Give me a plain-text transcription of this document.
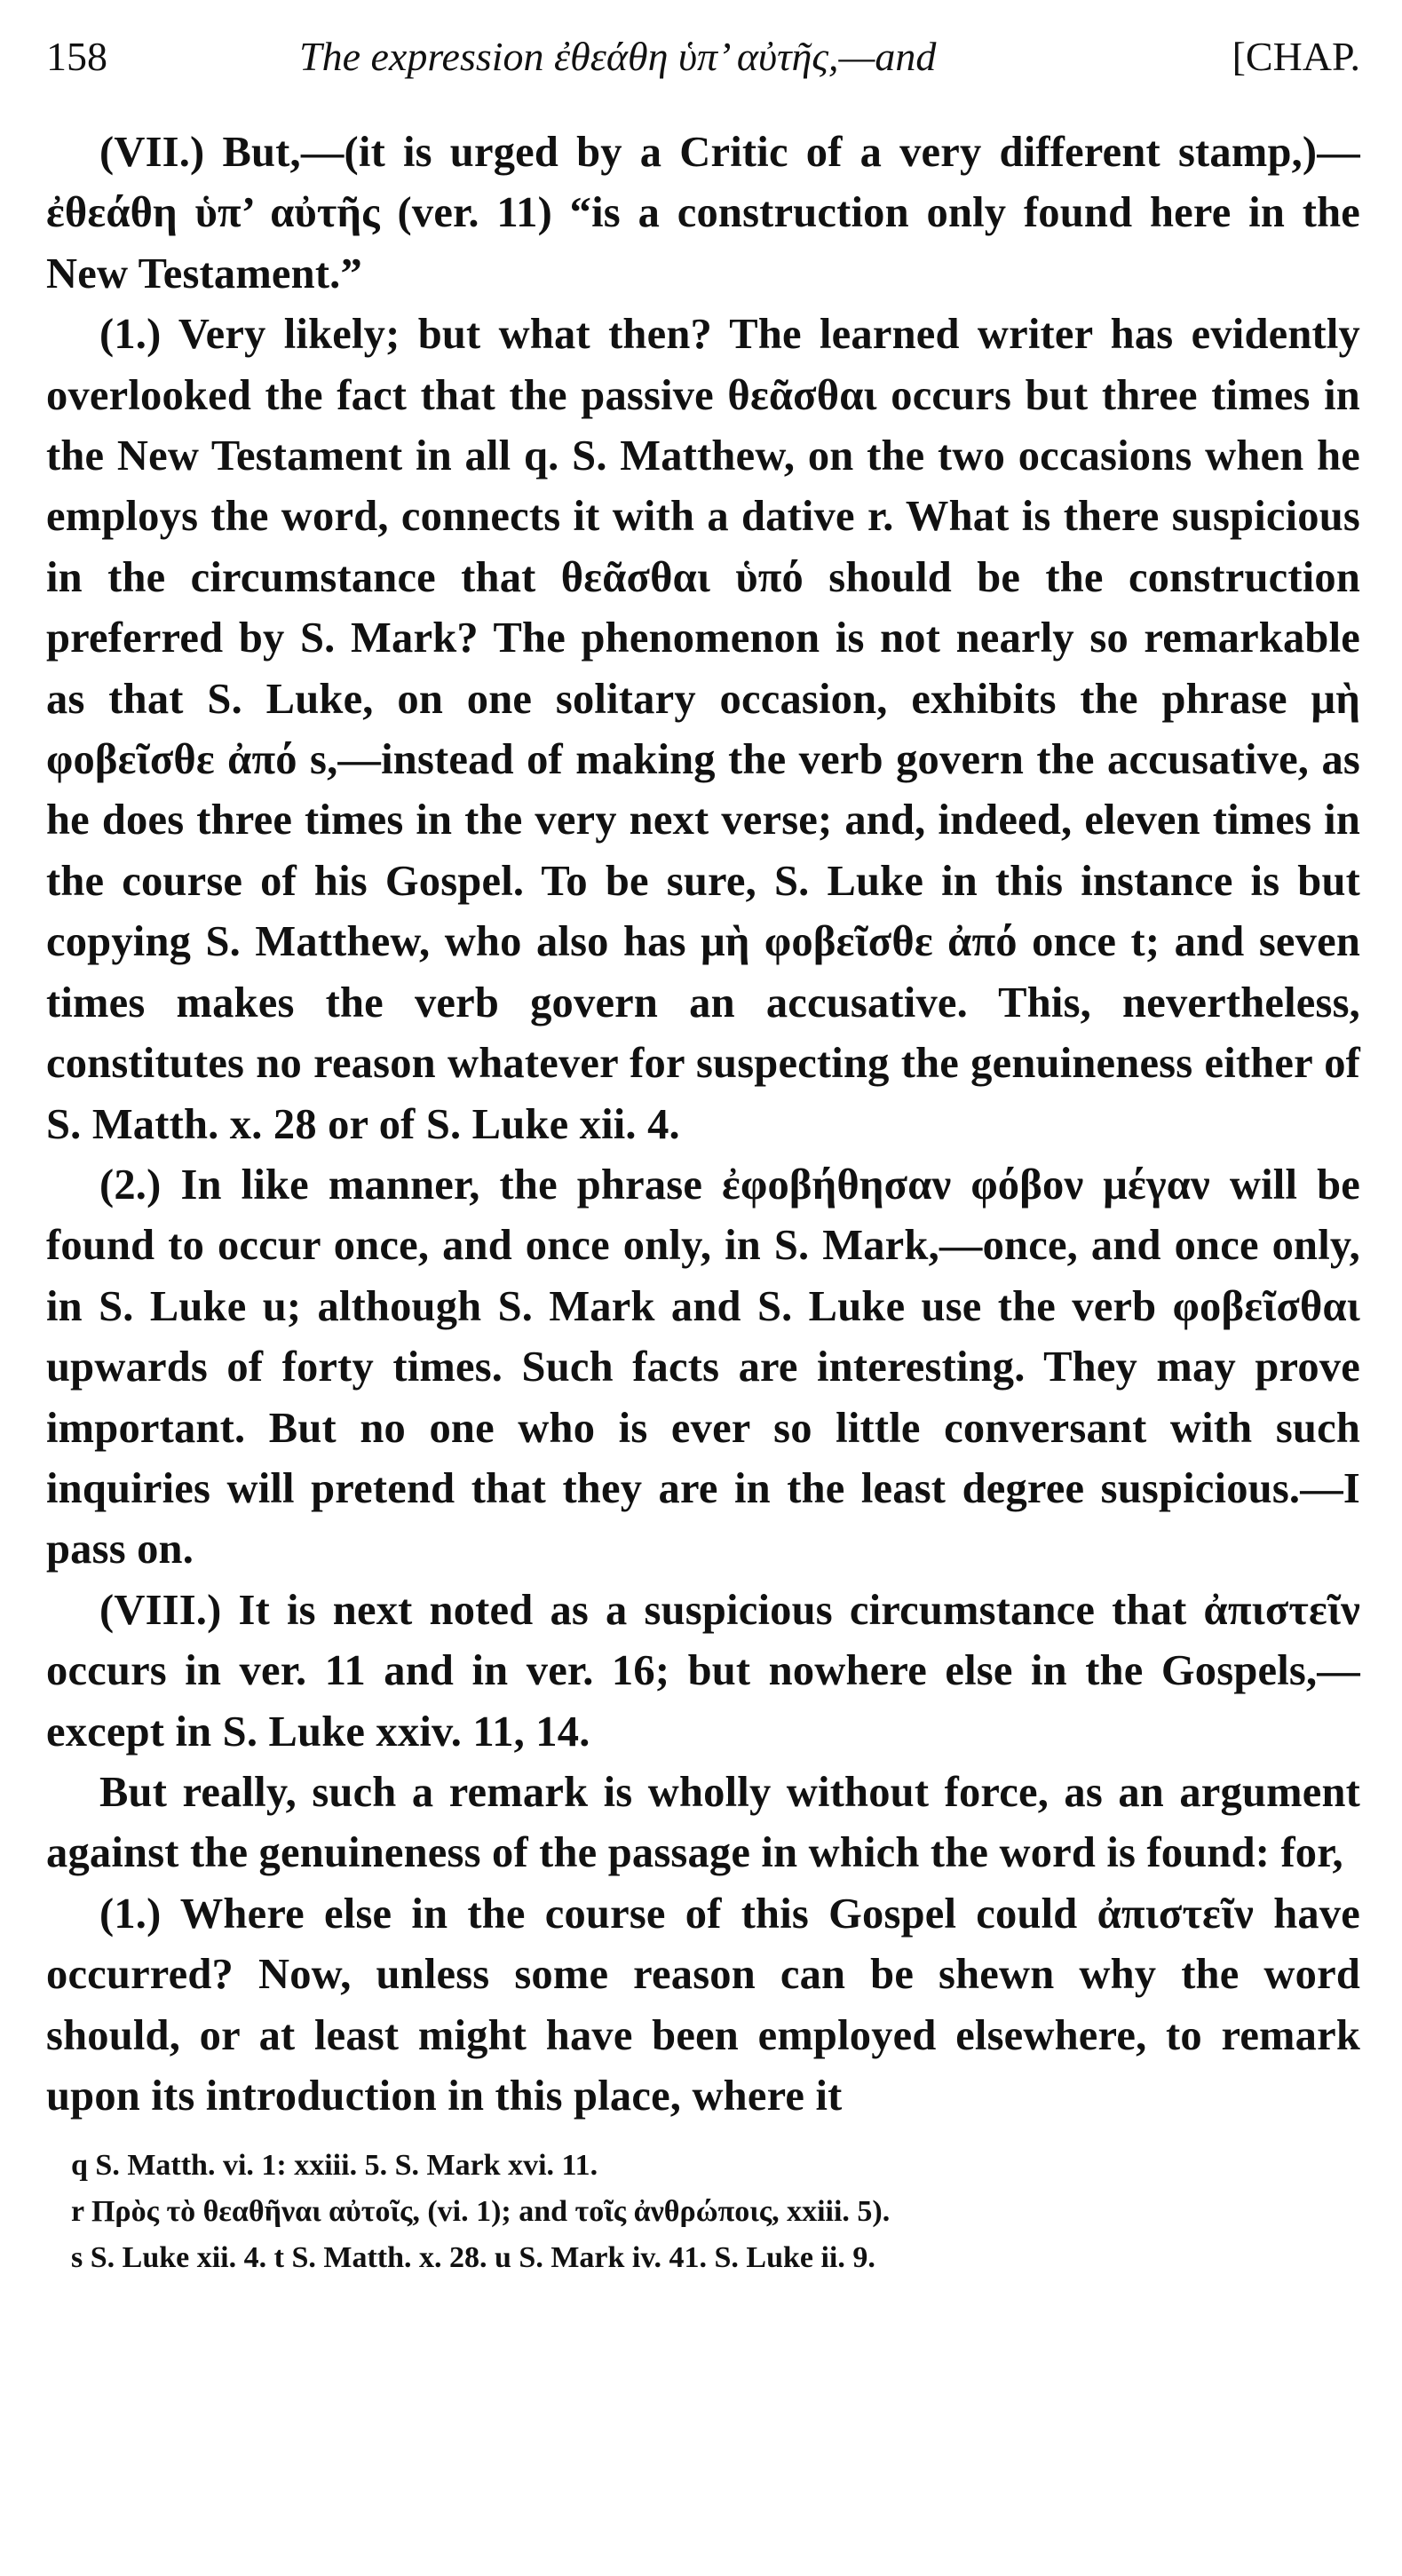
158	The expression ἐθεάθη ὑπ’ αὐτῆς,—and	[CHAP.

(VII.) But,—(it is urged by a Critic of a very different stamp,)—ἐθεάθη ὑπ’ αὐτῆς (ver. 11) “is a construction only found here in the New Testament.”

(1.) Very likely; but what then? The learned writer has evidently overlooked the fact that the passive θεᾶσθαι occurs but three times in the New Testament in all q. S. Matthew, on the two occasions when he employs the word, connects it with a dative r. What is there suspicious in the circumstance that θεᾶσθαι ὑπό should be the construction preferred by S. Mark? The phenomenon is not nearly so remarkable as that S. Luke, on one solitary occasion, exhibits the phrase μὴ φοβεῖσθε ἀπό s,—instead of making the verb govern the accusative, as he does three times in the very next verse; and, indeed, eleven times in the course of his Gospel. To be sure, S. Luke in this instance is but copying S. Matthew, who also has μὴ φοβεῖσθε ἀπό once t; and seven times makes the verb govern an accusative. This, nevertheless, constitutes no reason whatever for suspecting the genuineness either of S. Matth. x. 28 or of S. Luke xii. 4.

(2.) In like manner, the phrase ἐφοβήθησαν φόβον μέγαν will be found to occur once, and once only, in S. Mark,—once, and once only, in S. Luke u; although S. Mark and S. Luke use the verb φοβεῖσθαι upwards of forty times. Such facts are interesting. They may prove important. But no one who is ever so little conversant with such inquiries will pretend that they are in the least degree suspicious.—I pass on.

(VIII.) It is next noted as a suspicious circumstance that ἀπιστεῖν occurs in ver. 11 and in ver. 16; but nowhere else in the Gospels,—except in S. Luke xxiv. 11, 14.

But really, such a remark is wholly without force, as an argument against the genuineness of the passage in which the word is found: for,

(1.) Where else in the course of this Gospel could ἀπιστεῖν have occurred? Now, unless some reason can be shewn why the word should, or at least might have been employed elsewhere, to remark upon its introduction in this place, where it

q S. Matth. vi. 1: xxiii. 5. S. Mark xvi. 11.

r Πρὸς τὸ θεαθῆναι αὐτοῖς, (vi. 1); and τοῖς ἀνθρώποις, xxiii. 5).

s S. Luke xii. 4. t S. Matth. x. 28. u S. Mark iv. 41. S. Luke ii. 9.
